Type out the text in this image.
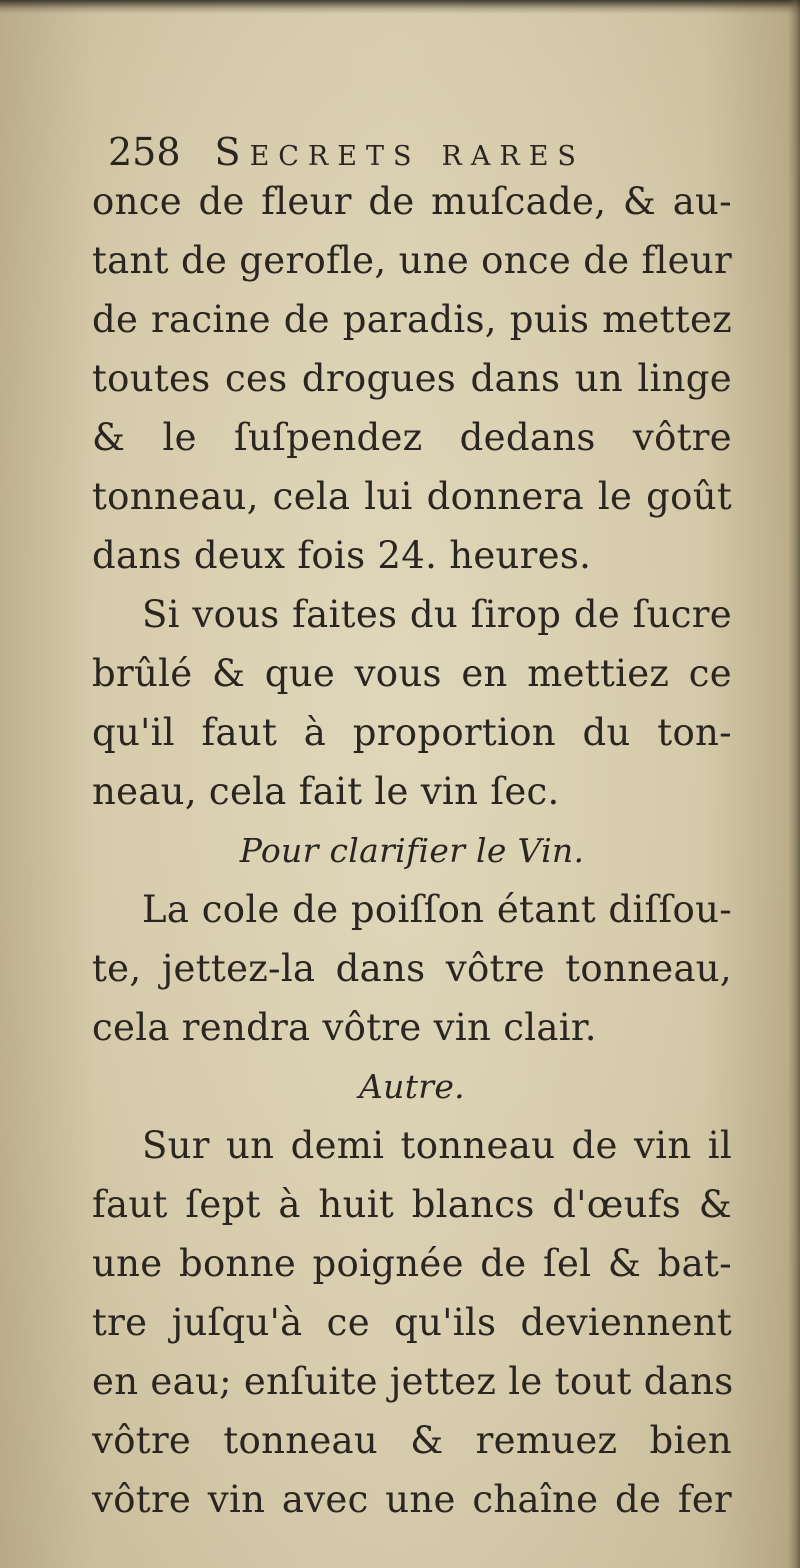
258 Secrets rares
once de fleur de muſcade, & au-
tant de gerofle, une once de fleur
de racine de paradis, puis mettez
toutes ces drogues dans un linge
& le ſuſpendez dedans vôtre
tonneau, cela lui donnera le goût
dans deux fois 24. heures.
Si vous faites du ſirop de ſucre
brûlé & que vous en mettiez ce
qu'il faut à proportion du ton-
neau, cela fait le vin ſec.
Pour clarifier le Vin.
La cole de poiſſon étant diſſou-
te, jettez-la dans vôtre tonneau,
cela rendra vôtre vin clair.
Autre.
Sur un demi tonneau de vin il
faut ſept à huit blancs d'œufs &
une bonne poignée de ſel & bat-
tre juſqu'à ce qu'ils deviennent
en eau; enſuite jettez le tout dans
vôtre tonneau & remuez bien
vôtre vin avec une chaîne de fer
